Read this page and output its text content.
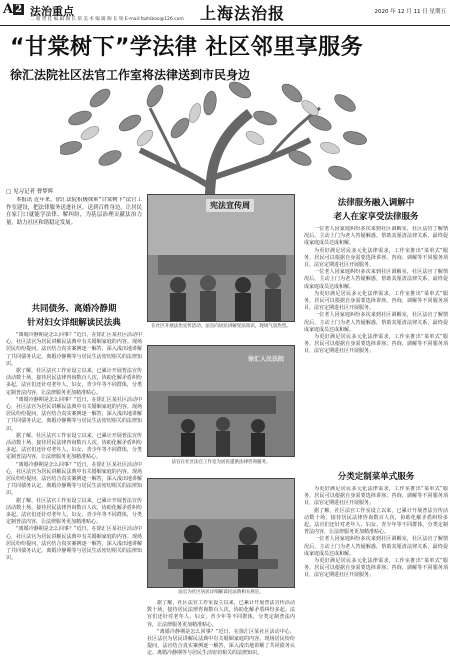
A 2 法治重点
二 版 责 任 编 辑 陶 长 铭 美 术 编 辑 陶 长 铭 E-mail:fazhibao@126.com 上海法治报	2020 年 12 月 11 日 星期五
“甘棠树下”学法律 社区邻里享服务
徐汇法院社区法官工作室将法律送到市民身边
□ 见习记者 曹梦晖

本报讯 近年来，徐汇法院积极探索“甘棠树下”法官工作室建设，把法律服务送进社区，送到百姓身边，让居民在家门口就能学法律、解纠纷，为基层治理贡献法治力量，助力社区和谐稳定发展。

共同债务、离婚冷静期
针对妇女详细解读民法典

“离婚冷静期是怎么回事？”近日，在徐汇区某社区活动中心，社区法官为居民讲解民法典中有关婚姻家庭的内容。现场居民纷纷提问，法官结合真实案例逐一解答，深入浅出地讲解了共同债务认定、离婚冷静期等与居民生活密切相关的法律知识。

据了解，社区法官工作室设立以来，已累计开展普法宣传活动数十场，接待居民法律咨询数百人次，协助化解矛盾纠纷多起。法官们还针对老年人、妇女、青少年等不同群体，分类定制普法内容，让法律服务更加精准贴心。

“离婚冷静期是怎么回事？”近日，在徐汇区某社区活动中心，社区法官为居民讲解民法典中有关婚姻家庭的内容。现场居民纷纷提问，法官结合真实案例逐一解答，深入浅出地讲解了共同债务认定、离婚冷静期等与居民生活密切相关的法律知识。

据了解，社区法官工作室设立以来，已累计开展普法宣传活动数十场，接待居民法律咨询数百人次，协助化解矛盾纠纷多起。法官们还针对老年人、妇女、青少年等不同群体，分类定制普法内容，让法律服务更加精准贴心。

“离婚冷静期是怎么回事？”近日，在徐汇区某社区活动中心，社区法官为居民讲解民法典中有关婚姻家庭的内容。现场居民纷纷提问，法官结合真实案例逐一解答，深入浅出地讲解了共同债务认定、离婚冷静期等与居民生活密切相关的法律知识。

据了解，社区法官工作室设立以来，已累计开展普法宣传活动数十场，接待居民法律咨询数百人次，协助化解矛盾纠纷多起。法官们还针对老年人、妇女、青少年等不同群体，分类定制普法内容，让法律服务更加精准贴心。

“离婚冷静期是怎么回事？”近日，在徐汇区某社区活动中心，社区法官为居民讲解民法典中有关婚姻家庭的内容。现场居民纷纷提问，法官结合真实案例逐一解答，深入浅出地讲解了共同债务认定、离婚冷静期等与居民生活密切相关的法律知识。

宪法宣传周
在社区开展法治宣传活动，法官向居民讲解宪法知识，现场气氛热烈。
徐汇人民法院
法官在社区法官工作室为居民提供法律咨询服务。
法官为社区居民详细解读民法典相关规定。

据了解，社区法官工作室设立以来，已累计开展普法宣传活动数十场，接待居民法律咨询数百人次，协助化解矛盾纠纷多起。法官们还针对老年人、妇女、青少年等不同群体，分类定制普法内容，让法律服务更加精准贴心。

“离婚冷静期是怎么回事？”近日，在徐汇区某社区活动中心，社区法官为居民讲解民法典中有关婚姻家庭的内容。现场居民纷纷提问，法官结合真实案例逐一解答，深入浅出地讲解了共同债务认定、离婚冷静期等与居民生活密切相关的法律知识。

法律服务融入调解中
老人在家享受法律服务

一位老人因家庭纠纷多次来到社区调解室，社区法官了解情况后，主动上门为老人答疑解惑，帮助其厘清法律关系，最终促成家庭成员达成和解。

为更好满足居民多元化法律需求，工作室推出“菜单式”服务，居民可以根据自身需要选择讲座、咨询、调解等不同服务项目，法官定期进社区开展服务。

一位老人因家庭纠纷多次来到社区调解室，社区法官了解情况后，主动上门为老人答疑解惑，帮助其厘清法律关系，最终促成家庭成员达成和解。

为更好满足居民多元化法律需求，工作室推出“菜单式”服务，居民可以根据自身需要选择讲座、咨询、调解等不同服务项目，法官定期进社区开展服务。

一位老人因家庭纠纷多次来到社区调解室，社区法官了解情况后，主动上门为老人答疑解惑，帮助其厘清法律关系，最终促成家庭成员达成和解。

为更好满足居民多元化法律需求，工作室推出“菜单式”服务，居民可以根据自身需要选择讲座、咨询、调解等不同服务项目，法官定期进社区开展服务。

分类定制菜单式服务

为更好满足居民多元化法律需求，工作室推出“菜单式”服务，居民可以根据自身需要选择讲座、咨询、调解等不同服务项目，法官定期进社区开展服务。

据了解，社区法官工作室设立以来，已累计开展普法宣传活动数十场，接待居民法律咨询数百人次，协助化解矛盾纠纷多起。法官们还针对老年人、妇女、青少年等不同群体，分类定制普法内容，让法律服务更加精准贴心。

一位老人因家庭纠纷多次来到社区调解室，社区法官了解情况后，主动上门为老人答疑解惑，帮助其厘清法律关系，最终促成家庭成员达成和解。

为更好满足居民多元化法律需求，工作室推出“菜单式”服务，居民可以根据自身需要选择讲座、咨询、调解等不同服务项目，法官定期进社区开展服务。
